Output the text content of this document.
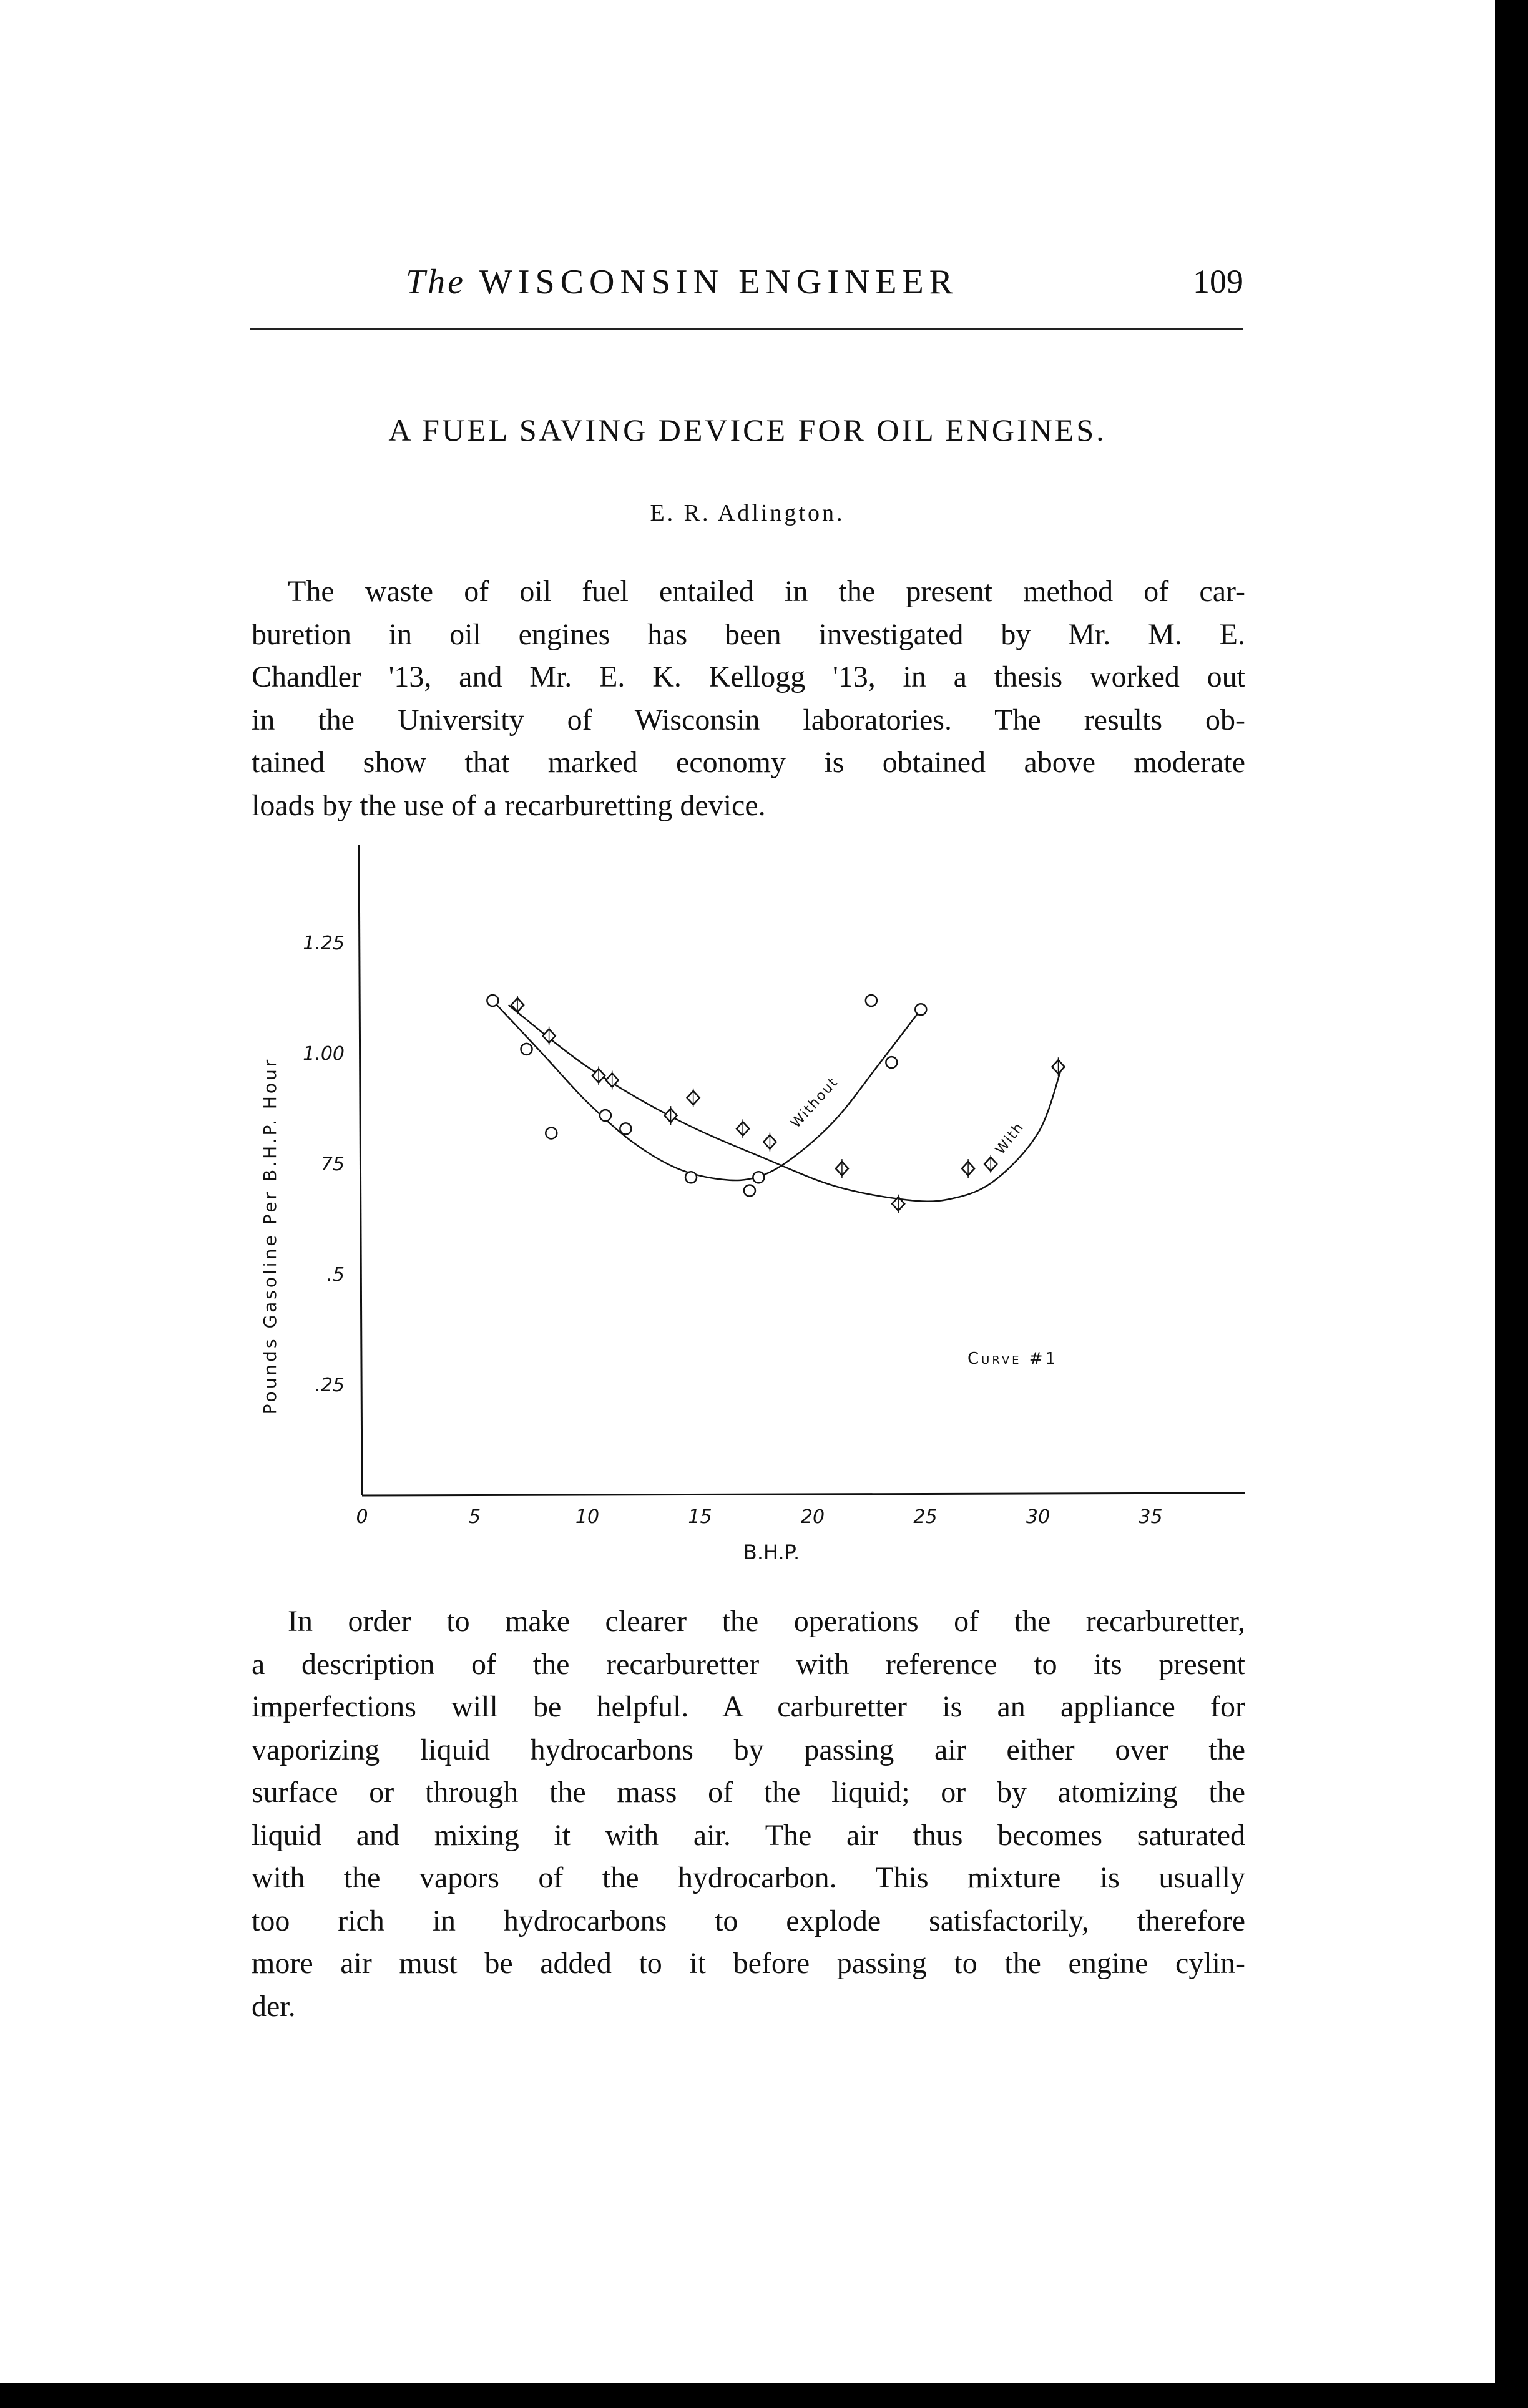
The WISCONSIN ENGINEER	109
A FUEL SAVING DEVICE FOR OIL ENGINES.
E. R. Adlington.
The waste of oil fuel entailed in the present method of car-
buretion in oil engines has been investigated by Mr. M. E.
Chandler '13, and Mr. E. K. Kellogg '13, in a thesis worked out
in the University of Wisconsin laboratories. The results ob-
tained show that marked economy is obtained above moderate
loads by the use of a recarburetting device.
Pounds Gasoline Per B.H.P. Hour
B.H.P.
Curve #1
0	5	10	15	20	25	30	35
1.25
1.00
75
.5
.25
Without
With
In order to make clearer the operations of the recarburetter,
a description of the recarburetter with reference to its present
imperfections will be helpful. A carburetter is an appliance for
vaporizing liquid hydrocarbons by passing air either over the
surface or through the mass of the liquid; or by atomizing the
liquid and mixing it with air. The air thus becomes saturated
with the vapors of the hydrocarbon. This mixture is usually
too rich in hydrocarbons to explode satisfactorily, therefore
more air must be added to it before passing to the engine cylin-
der.
